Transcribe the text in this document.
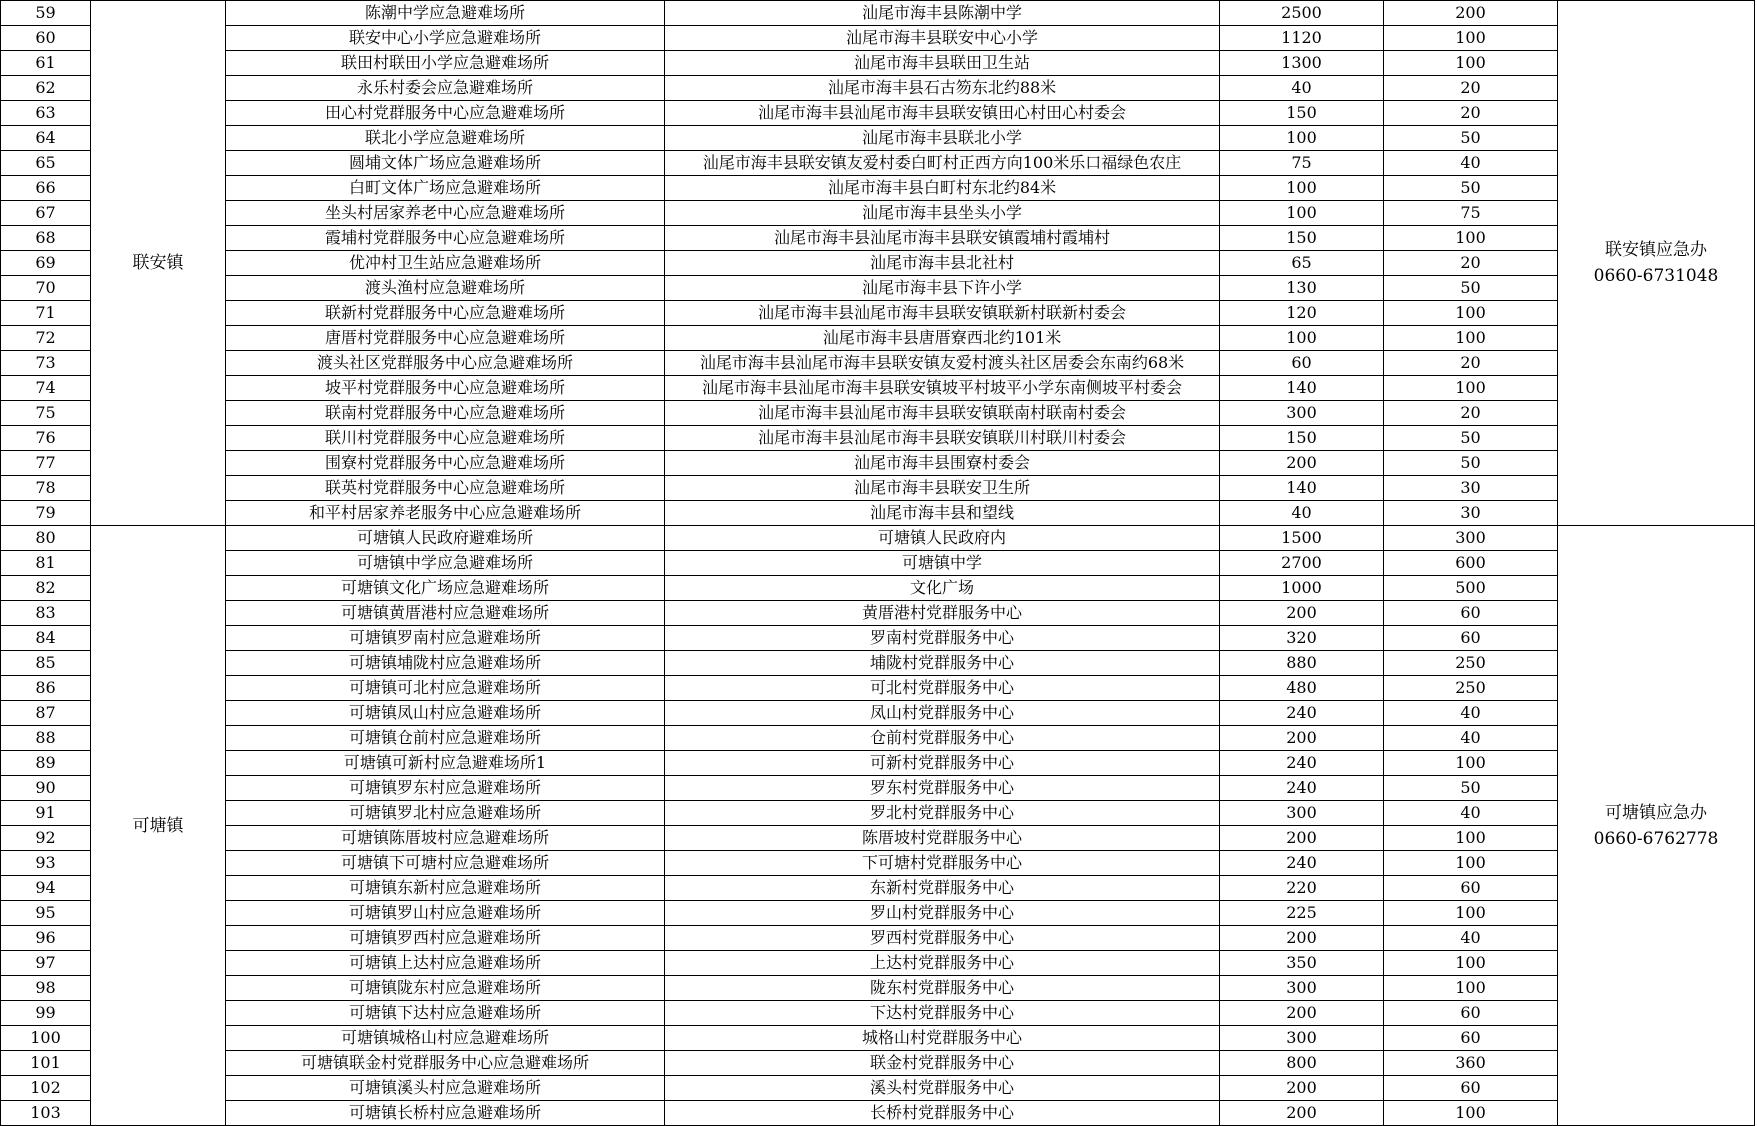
59	联安镇	陈潮中学应急避难场所	汕尾市海丰县陈潮中学	2500	200	联安镇应急办
0660-6731048
60		联安中心小学应急避难场所	汕尾市海丰县联安中心小学	1120	100	
61		联田村联田小学应急避难场所	汕尾市海丰县联田卫生站	1300	100	
62		永乐村委会应急避难场所	汕尾市海丰县石古笏东北约88米	40	20	
63		田心村党群服务中心应急避难场所	汕尾市海丰县汕尾市海丰县联安镇田心村田心村委会	150	20	
64		联北小学应急避难场所	汕尾市海丰县联北小学	100	50	
65		圆埔文体广场应急避难场所	汕尾市海丰县联安镇友爱村委白町村正西方向100米乐口福绿色农庄	75	40	
66		白町文体广场应急避难场所	汕尾市海丰县白町村东北约84米	100	50	
67		坐头村居家养老中心应急避难场所	汕尾市海丰县坐头小学	100	75	
68		霞埔村党群服务中心应急避难场所	汕尾市海丰县汕尾市海丰县联安镇霞埔村霞埔村	150	100	
69		优冲村卫生站应急避难场所	汕尾市海丰县北社村	65	20	
70		渡头渔村应急避难场所	汕尾市海丰县下许小学	130	50	
71		联新村党群服务中心应急避难场所	汕尾市海丰县汕尾市海丰县联安镇联新村联新村委会	120	100	
72		唐厝村党群服务中心应急避难场所	汕尾市海丰县唐厝寮西北约101米	100	100	
73		渡头社区党群服务中心应急避难场所	汕尾市海丰县汕尾市海丰县联安镇友爱村渡头社区居委会东南约68米	60	20	
74		坡平村党群服务中心应急避难场所	汕尾市海丰县汕尾市海丰县联安镇坡平村坡平小学东南侧坡平村委会	140	100	
75		联南村党群服务中心应急避难场所	汕尾市海丰县汕尾市海丰县联安镇联南村联南村委会	300	20	
76		联川村党群服务中心应急避难场所	汕尾市海丰县汕尾市海丰县联安镇联川村联川村委会	150	50	
77		围寮村党群服务中心应急避难场所	汕尾市海丰县围寮村委会	200	50	
78		联英村党群服务中心应急避难场所	汕尾市海丰县联安卫生所	140	30	
79		和平村居家养老服务中心应急避难场所	汕尾市海丰县和望线	40	30	
80	可塘镇	可塘镇人民政府避难场所	可塘镇人民政府内	1500	300	可塘镇应急办
0660-6762778
81		可塘镇中学应急避难场所	可塘镇中学	2700	600	
82		可塘镇文化广场应急避难场所	文化广场	1000	500	
83		可塘镇黄厝港村应急避难场所	黄厝港村党群服务中心	200	60	
84		可塘镇罗南村应急避难场所	罗南村党群服务中心	320	60	
85		可塘镇埔陇村应急避难场所	埔陇村党群服务中心	880	250	
86		可塘镇可北村应急避难场所	可北村党群服务中心	480	250	
87		可塘镇凤山村应急避难场所	凤山村党群服务中心	240	40	
88		可塘镇仓前村应急避难场所	仓前村党群服务中心	200	40	
89		可塘镇可新村应急避难场所1	可新村党群服务中心	240	100	
90		可塘镇罗东村应急避难场所	罗东村党群服务中心	240	50	
91		可塘镇罗北村应急避难场所	罗北村党群服务中心	300	40	
92		可塘镇陈厝坡村应急避难场所	陈厝坡村党群服务中心	200	100	
93		可塘镇下可塘村应急避难场所	下可塘村党群服务中心	240	100	
94		可塘镇东新村应急避难场所	东新村党群服务中心	220	60	
95		可塘镇罗山村应急避难场所	罗山村党群服务中心	225	100	
96		可塘镇罗西村应急避难场所	罗西村党群服务中心	200	40	
97		可塘镇上达村应急避难场所	上达村党群服务中心	350	100	
98		可塘镇陇东村应急避难场所	陇东村党群服务中心	300	100	
99		可塘镇下达村应急避难场所	下达村党群服务中心	200	60	
100		可塘镇城格山村应急避难场所	城格山村党群服务中心	300	60	
101		可塘镇联金村党群服务中心应急避难场所	联金村党群服务中心	800	360	
102		可塘镇溪头村应急避难场所	溪头村党群服务中心	200	60	
103		可塘镇长桥村应急避难场所	长桥村党群服务中心	200	100	
